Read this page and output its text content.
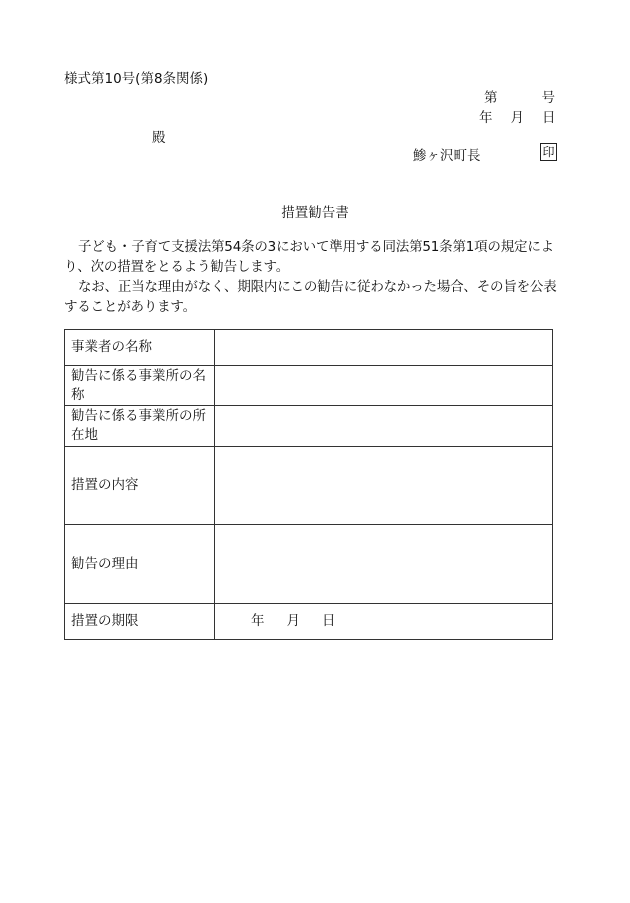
様式第10号(第8条関係)
第	号
年 月 日
殿
鯵ヶ沢町長	印
措置勧告書

子ども・子育て支援法第54条の3において準用する同法第51条第1項の規定により、次の措置をとるよう勧告します。

なお、正当な理由がなく、期限内にこの勧告に従わなかった場合、その旨を公表することがあります。

事業者の名称	
勧告に係る事業所の名称	
勧告に係る事業所の所在地	
措置の内容	
勧告の理由	
措置の期限	年 月 日
